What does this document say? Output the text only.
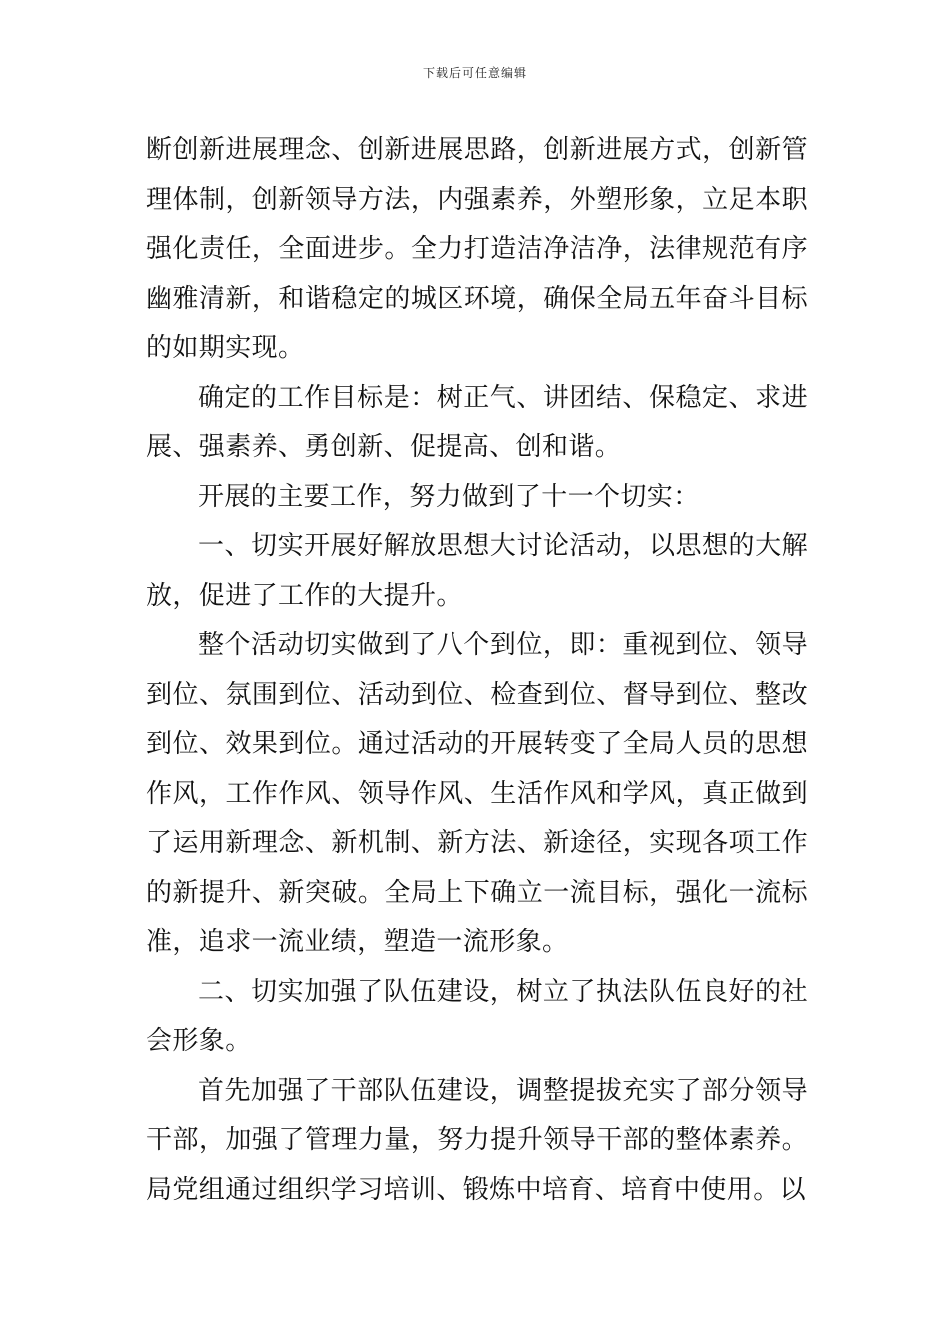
下载后可任意编辑

断创新进展理念、创新进展思路，创新进展方式，创新管理体制，创新领导方法，内强素养，外塑形象，立足本职强化责任，全面进步。全力打造洁净洁净，法律规范有序幽雅清新，和谐稳定的城区环境，确保全局五年奋斗目标的如期实现。

确定的工作目标是：树正气、讲团结、保稳定、求进展、强素养、勇创新、促提高、创和谐。

开展的主要工作，努力做到了十一个切实：

一、切实开展好解放思想大讨论活动，以思想的大解放，促进了工作的大提升。

整个活动切实做到了八个到位，即：重视到位、领导到位、氛围到位、活动到位、检查到位、督导到位、整改到位、效果到位。通过活动的开展转变了全局人员的思想作风，工作作风、领导作风、生活作风和学风，真正做到了运用新理念、新机制、新方法、新途径，实现各项工作的新提升、新突破。全局上下确立一流目标，强化一流标准，追求一流业绩，塑造一流形象。

二、切实加强了队伍建设，树立了执法队伍良好的社会形象。

首先加强了干部队伍建设，调整提拔充实了部分领导干部，加强了管理力量，努力提升领导干部的整体素养。局党组通过组织学习培训、锻炼中培育、培育中使用。以
